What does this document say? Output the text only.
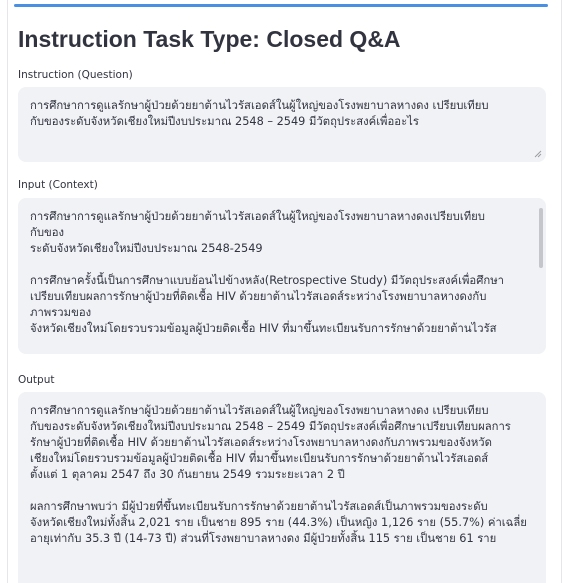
Instruction Task Type: Closed Q&A
Instruction (Question)

การศึกษาการดูแลรักษาผู้ป่วยด้วยยาต้านไวรัสเอดส์ในผู้ใหญ่ของโรงพยาบาลหางดง เปรียบเทียบ

กับของระดับจังหวัดเชียงใหม่ปีงบประมาณ 2548 – 2549 มีวัตถุประสงค์เพื่ออะไร

Input (Context)

การศึกษาการดูแลรักษาผู้ป่วยด้วยยาต้านไวรัสเอดส์ในผู้ใหญ่ของโรงพยาบาลหางดงเปรียบเทียบ

กับของ

ระดับจังหวัดเชียงใหม่ปีงบประมาณ 2548-2549

การศึกษาครั้งนี้เป็นการศึกษาแบบย้อนไปข้างหลัง(Retrospective Study) มีวัตถุประสงค์เพื่อศึกษา

เปรียบเทียบผลการรักษาผู้ป่วยที่ติดเชื้อ HIV ด้วยยาต้านไวรัสเอดส์ระหว่างโรงพยาบาลหางดงกับ

ภาพรวมของ

จังหวัดเชียงใหม่โดยรวบรวมข้อมูลผู้ป่วยติดเชื้อ HIV ที่มาขึ้นทะเบียนรับการรักษาด้วยยาต้านไวรัส

Output

การศึกษาการดูแลรักษาผู้ป่วยด้วยยาต้านไวรัสเอดส์ในผู้ใหญ่ของโรงพยาบาลหางดง เปรียบเทียบ

กับของระดับจังหวัดเชียงใหม่ปีงบประมาณ 2548 – 2549 มีวัตถุประสงค์เพื่อศึกษาเปรียบเทียบผลการ

รักษาผู้ป่วยที่ติดเชื้อ HIV ด้วยยาต้านไวรัสเอดส์ระหว่างโรงพยาบาลหางดงกับภาพรวมของจังหวัด

เชียงใหม่โดยรวบรวมข้อมูลผู้ป่วยติดเชื้อ HIV ที่มาขึ้นทะเบียนรับการรักษาด้วยยาต้านไวรัสเอดส์

ตั้งแต่ 1 ตุลาคม 2547 ถึง 30 กันยายน 2549 รวมระยะเวลา 2 ปี

ผลการศึกษาพบว่า มีผู้ป่วยที่ขึ้นทะเบียนรับการรักษาด้วยยาต้านไวรัสเอดส์เป็นภาพรวมของระดับ

จังหวัดเชียงใหม่ทั้งสิ้น 2,021 ราย เป็นชาย 895 ราย (44.3%) เป็นหญิง 1,126 ราย (55.7%) ค่าเฉลี่ย

อายุเท่ากับ 35.3 ปี (14-73 ปี) ส่วนที่โรงพยาบาลหางดง มีผู้ป่วยทั้งสิ้น 115 ราย เป็นชาย 61 ราย
